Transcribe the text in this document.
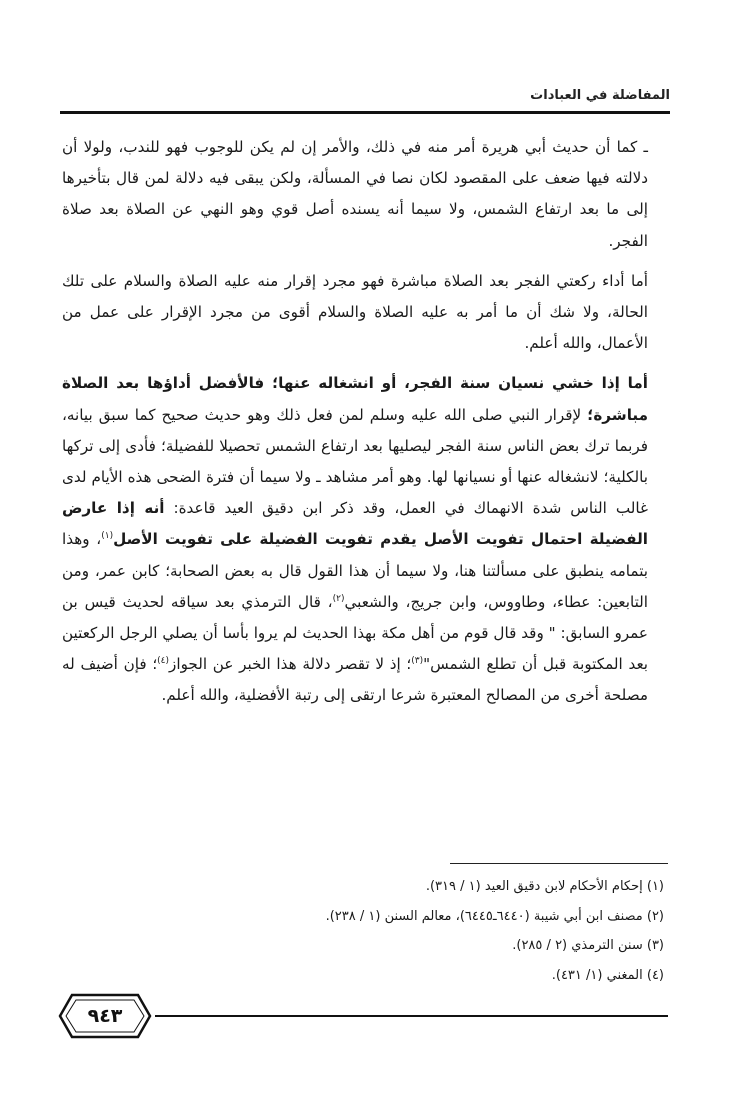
المفاضلة في العبادات

ـ كما أن حديث أبي هريرة أمر منه في ذلك، والأمر إن لم يكن للوجوب فهو للندب، ولولا أن دلالته فيها ضعف على المقصود لكان نصا في المسألة، ولكن يبقى فيه دلالة لمن قال بتأخيرها إلى ما بعد ارتفاع الشمس، ولا سيما أنه يسنده أصل قوي وهو النهي عن الصلاة بعد صلاة الفجر.

أما أداء ركعتي الفجر بعد الصلاة مباشرة فهو مجرد إقرار منه عليه الصلاة والسلام على تلك الحالة، ولا شك أن ما أمر به عليه الصلاة والسلام أقوى من مجرد الإقرار على عمل من الأعمال، والله أعلم.

أما إذا خشي نسيان سنة الفجر، أو انشغاله عنها؛ فالأفضل أداؤها بعد الصلاة مباشرة؛ لإقرار النبي صلى الله عليه وسلم لمن فعل ذلك وهو حديث صحيح كما سبق بيانه، فربما ترك بعض الناس سنة الفجر ليصليها بعد ارتفاع الشمس تحصيلا للفضيلة؛ فأدى إلى تركها بالكلية؛ لانشغاله عنها أو نسيانها لها. وهو أمر مشاهد ـ ولا سيما أن فترة الضحى هذه الأيام لدى غالب الناس شدة الانهماك في العمل، وقد ذكر ابن دقيق العيد قاعدة: أنه إذا عارض الفضيلة احتمال تفويت الأصل يقدم تفويت الفضيلة على تفويت الأصل$^{(١)}$، وهذا بتمامه ينطبق على مسألتنا هنا، ولا سيما أن هذا القول قال به بعض الصحابة؛ كابن عمر، ومن التابعين: عطاء، وطاووس، وابن جريج، والشعبي$^{(٢)}$، قال الترمذي بعد سياقه لحديث قيس بن عمرو السابق: " وقد قال قوم من أهل مكة بهذا الحديث لم يروا بأسا أن يصلي الرجل الركعتين بعد المكتوبة قبل أن تطلع الشمس"$^{(٣)}$؛ إذ لا تقصر دلالة هذا الخبر عن الجواز$^{(٤)}$؛ فإن أضيف له مصلحة أخرى من المصالح المعتبرة شرعا ارتقى إلى رتبة الأفضلية، والله أعلم.

(١) إحكام الأحكام لابن دقيق العيد (١ / ٣١٩).
(٢) مصنف ابن أبي شيبة (٦٤٤٠ـ٦٤٤٥)، معالم السنن (١ / ٢٣٨).
(٣) سنن الترمذي (٢ / ٢٨٥).
(٤) المغني (١/ ٤٣١).
٩٤٣
